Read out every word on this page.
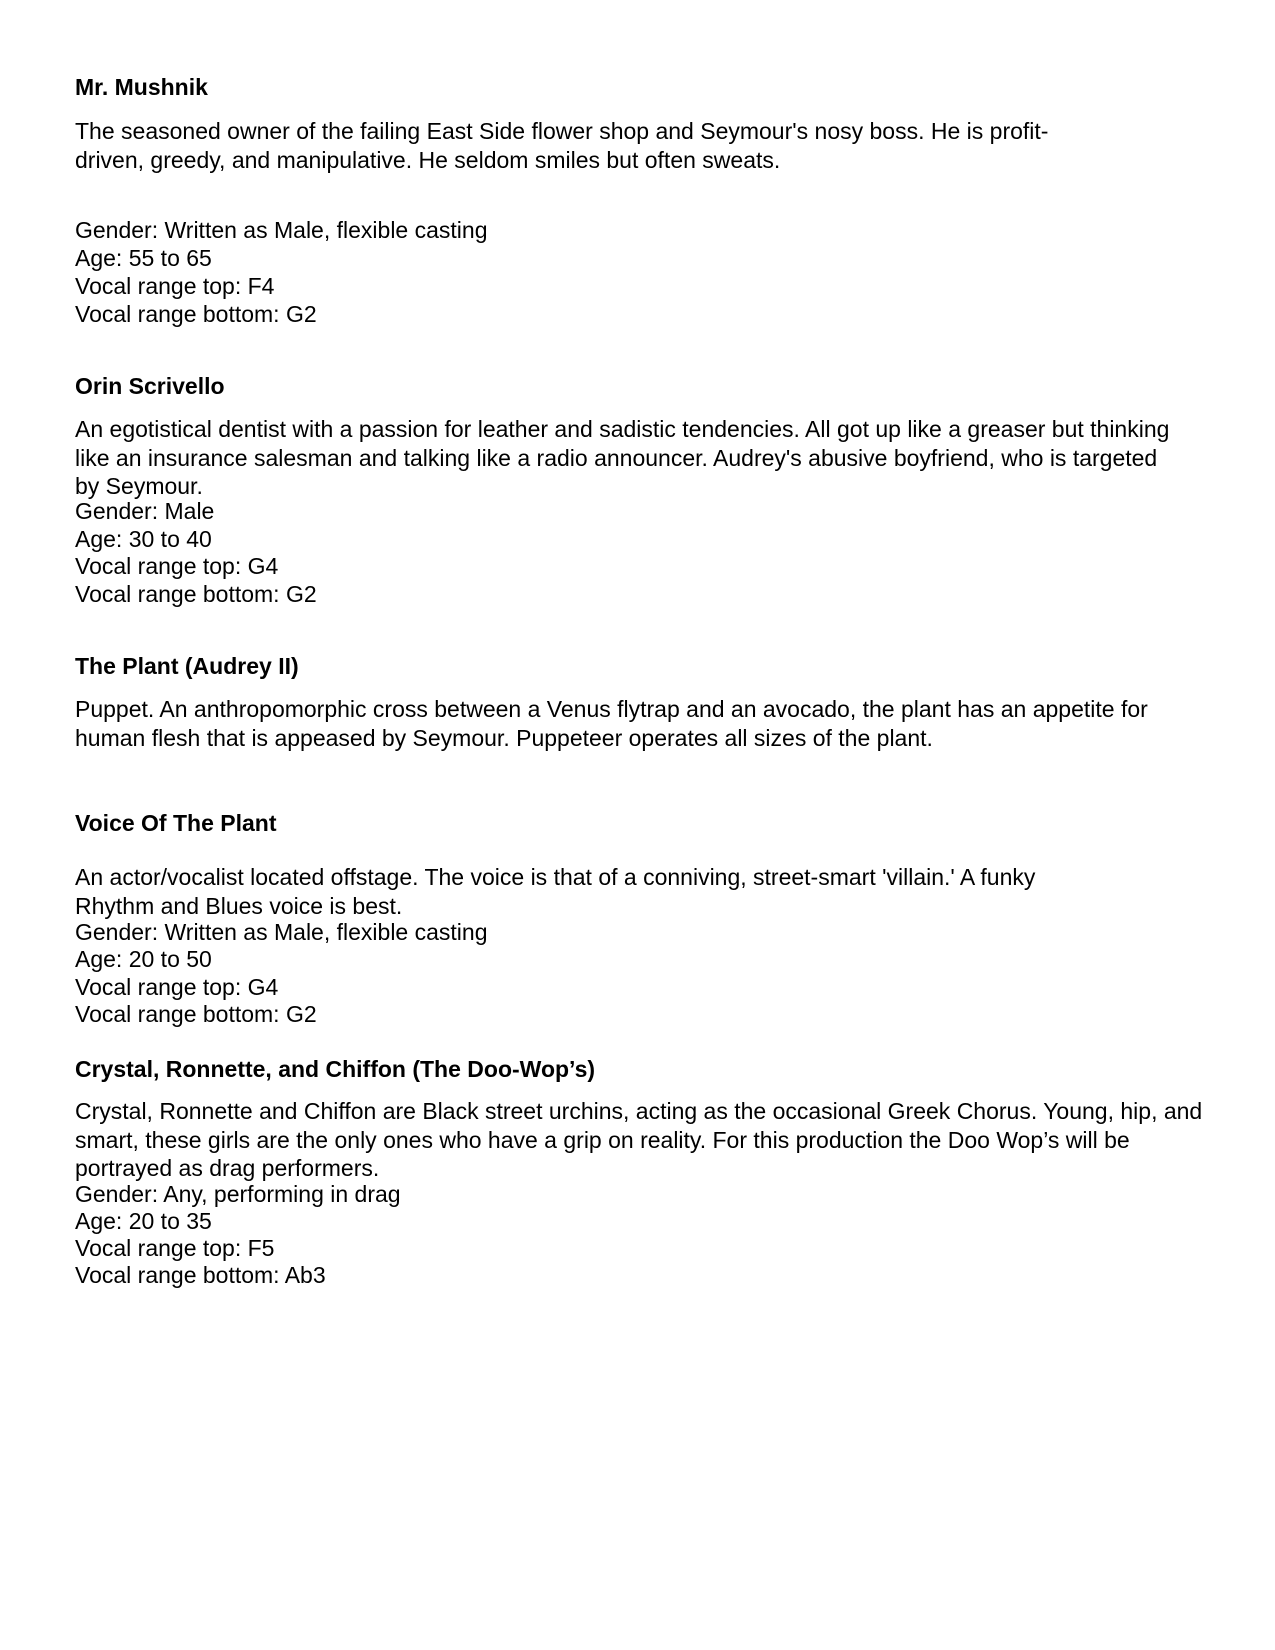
Mr. Mushnik
The seasoned owner of the failing East Side flower shop and Seymour's nosy boss. He is profit-driven, greedy, and manipulative. He seldom smiles but often sweats.
Gender: Written as Male, flexible casting
Age: 55 to 65
Vocal range top: F4
Vocal range bottom: G2
Orin Scrivello
An egotistical dentist with a passion for leather and sadistic tendencies. All got up like a greaser but thinking like an insurance salesman and talking like a radio announcer. Audrey's abusive boyfriend, who is targeted by Seymour.
Gender: Male
Age: 30 to 40
Vocal range top: G4
Vocal range bottom: G2
The Plant (Audrey II)
Puppet. An anthropomorphic cross between a Venus flytrap and an avocado, the plant has an appetite for human flesh that is appeased by Seymour. Puppeteer operates all sizes of the plant.
Voice Of The Plant
An actor/vocalist located offstage. The voice is that of a conniving, street-smart 'villain.' A funky Rhythm and Blues voice is best.
Gender: Written as Male, flexible casting
Age: 20 to 50
Vocal range top: G4
Vocal range bottom: G2
Crystal, Ronnette, and Chiffon (The Doo-Wop’s)
Crystal, Ronnette and Chiffon are Black street urchins, acting as the occasional Greek Chorus. Young, hip, and smart, these girls are the only ones who have a grip on reality. For this production the Doo Wop’s will be portrayed as drag performers.
Gender: Any, performing in drag
Age: 20 to 35
Vocal range top: F5
Vocal range bottom: Ab3
